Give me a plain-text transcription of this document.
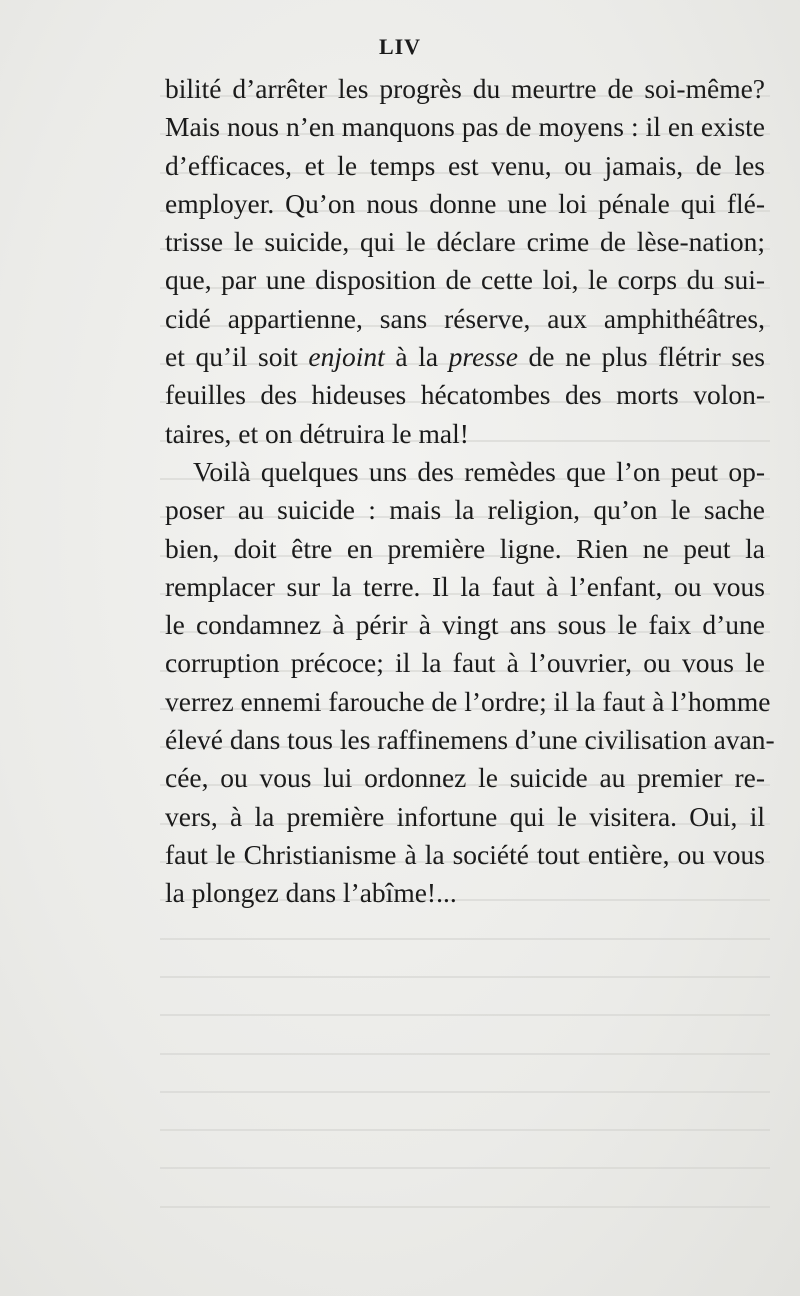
LIV
bilité d’arrêter les progrès du meurtre de soi-même?
Mais nous n’en manquons pas de moyens : il en existe
d’efficaces, et le temps est venu, ou jamais, de les
employer. Qu’on nous donne une loi pénale qui flé-
trisse le suicide, qui le déclare crime de lèse-nation;
que, par une disposition de cette loi, le corps du sui-
cidé appartienne, sans réserve, aux amphithéâtres,
et qu’il soit enjoint à la presse de ne plus flétrir ses
feuilles des hideuses hécatombes des morts volon-
taires, et on détruira le mal!
Voilà quelques uns des remèdes que l’on peut op-
poser au suicide : mais la religion, qu’on le sache
bien, doit être en première ligne. Rien ne peut la
remplacer sur la terre. Il la faut à l’enfant, ou vous
le condamnez à périr à vingt ans sous le faix d’une
corruption précoce; il la faut à l’ouvrier, ou vous le
verrez ennemi farouche de l’ordre; il la faut à l’homme
élevé dans tous les raffinemens d’une civilisation avan-
cée, ou vous lui ordonnez le suicide au premier re-
vers, à la première infortune qui le visitera. Oui, il
faut le Christianisme à la société tout entière, ou vous
la plongez dans l’abîme!...
